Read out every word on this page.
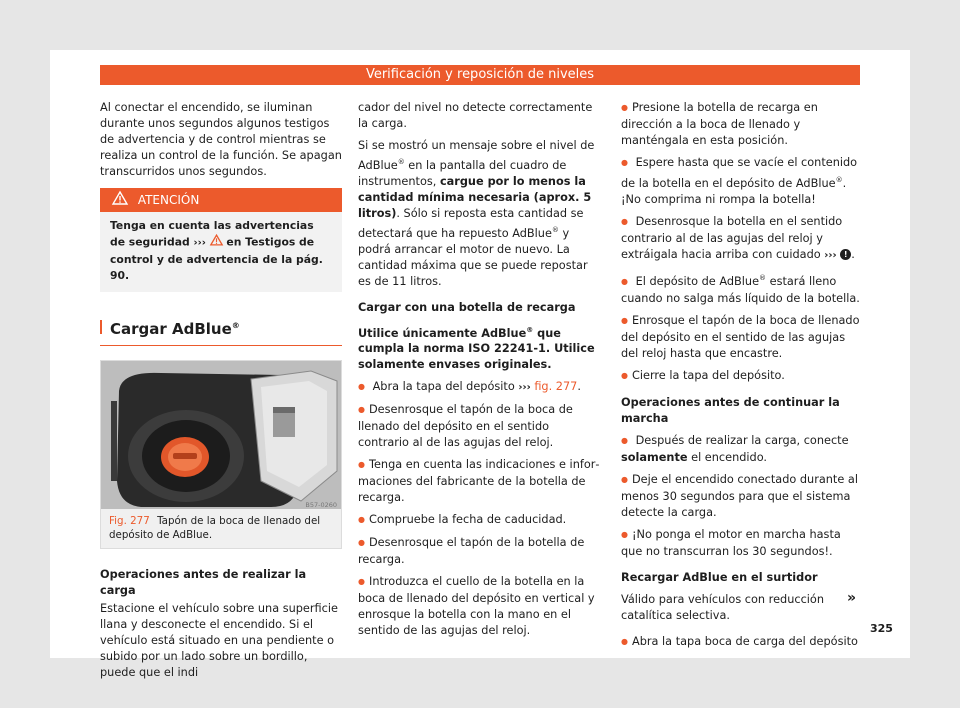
Verificación y reposición de niveles

Al conectar el encendido, se iluminan durante unos segundos algunos testigos de advertencia y de control mientras se realiza un control de la función. Se apagan transcurridos unos segundos.

ATENCIÓN
Tenga en cuenta las advertencias de seguridad ›››  en Testigos de control y de advertencia de la pág. 90.
Cargar AdBlue®
B57-0260
Fig. 277 Tapón de la boca de llenado del depósito de AdBlue.

Operaciones antes de realizar la carga

Estacione el vehículo sobre una superficie llana y desconecte el encendido. Si el vehículo está situado en una pendiente o subido por un lado sobre un bordillo, puede que el indi

cador del nivel no detecte correctamente la carga.

Si se mostró un mensaje sobre el nivel de AdBlue® en la pantalla del cuadro de instrumentos, cargue por lo menos la cantidad mínima necesaria (aprox. 5 litros). Sólo si reposta esta cantidad se detectará que ha repuesto AdBlue® y podrá arrancar el motor de nuevo. La cantidad máxima que se puede repostar es de 11 litros.

Cargar con una botella de recarga

Utilice únicamente AdBlue® que cumpla la norma ISO 22241-1. Utilice solamente envases originales.

● Abra la tapa del depósito ››› fig. 277.

● Desenrosque el tapón de la boca de llenado del depósito en el sentido contrario al de las agujas del reloj.

● Tenga en cuenta las indicaciones e informaciones del fabricante de la botella de recarga.

● Compruebe la fecha de caducidad.

● Desenrosque el tapón de la botella de recarga.

● Introduzca el cuello de la botella en la boca de llenado del depósito en vertical y enrosque la botella con la mano en el sentido de las agujas del reloj.

● Presione la botella de recarga en dirección a la boca de llenado y manténgala en esta posición.

● Espere hasta que se vacíe el contenido de la botella en el depósito de AdBlue®. ¡No comprima ni rompa la botella!

● Desenrosque la botella en el sentido contrario al de las agujas del reloj y extráigala hacia arriba con cuidado ››› ! .

● El depósito de AdBlue® estará lleno cuando no salga más líquido de la botella.

● Enrosque el tapón de la boca de llenado del depósito en el sentido de las agujas del reloj hasta que encastre.

● Cierre la tapa del depósito.

Operaciones antes de continuar la marcha

● Después de realizar la carga, conecte solamente el encendido.

● Deje el encendido conectado durante al menos 30 segundos para que el sistema detecte la carga.

● ¡No ponga el motor en marcha hasta que no transcurran los 30 segundos!.

Recargar AdBlue en el surtidor

Válido para vehículos con reducción catalítica selectiva.

● Abra la tapa boca de carga del depósito

»
325
